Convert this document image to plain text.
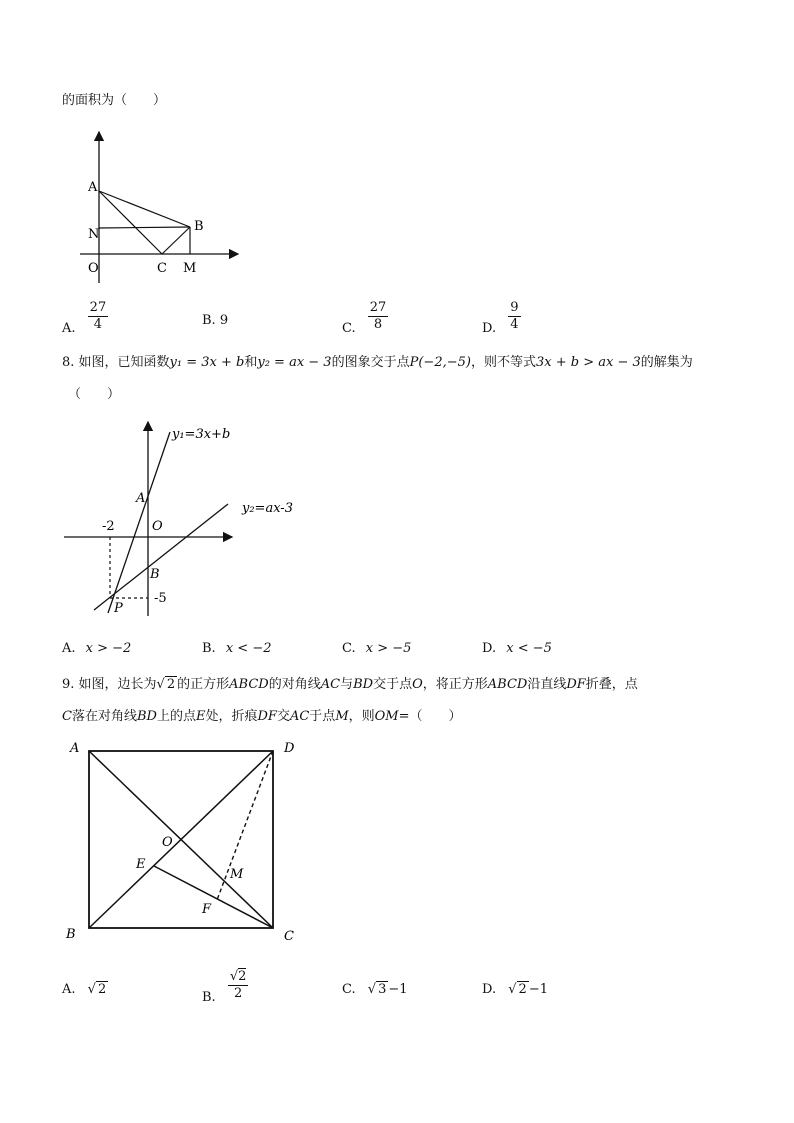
的面积为（　　）
A
N
O	C M
B
A. $\frac{27}{4}$	B. 9
C. $\frac{27}{8}$	D. $\frac{9}{4}$
8. 如图，已知函数y₁ = 3x + b和y₂ = ax − 3的图象交于点P(−2,−5)，则不等式3x + b > ax − 3的解集为
（　　）
y₁=3x+b
y₂=ax-3
A
O
B
P
-2
-5
A. x > −2	B. x < −2	C. x > −5	D. x < −5
9. 如图，边长为√ 2 的正方形ABCD的对角线AC与BD交于点O，将正方形ABCD沿直线DF折叠，点
C落在对角线BD上的点E处，折痕DF交AC于点M，则OM=（　　）
A	D
B	C
O
E
M
F
A. √ 2
B. $\frac{√2}{2}$	C. √ 3 −1	D. √ 2 −1
